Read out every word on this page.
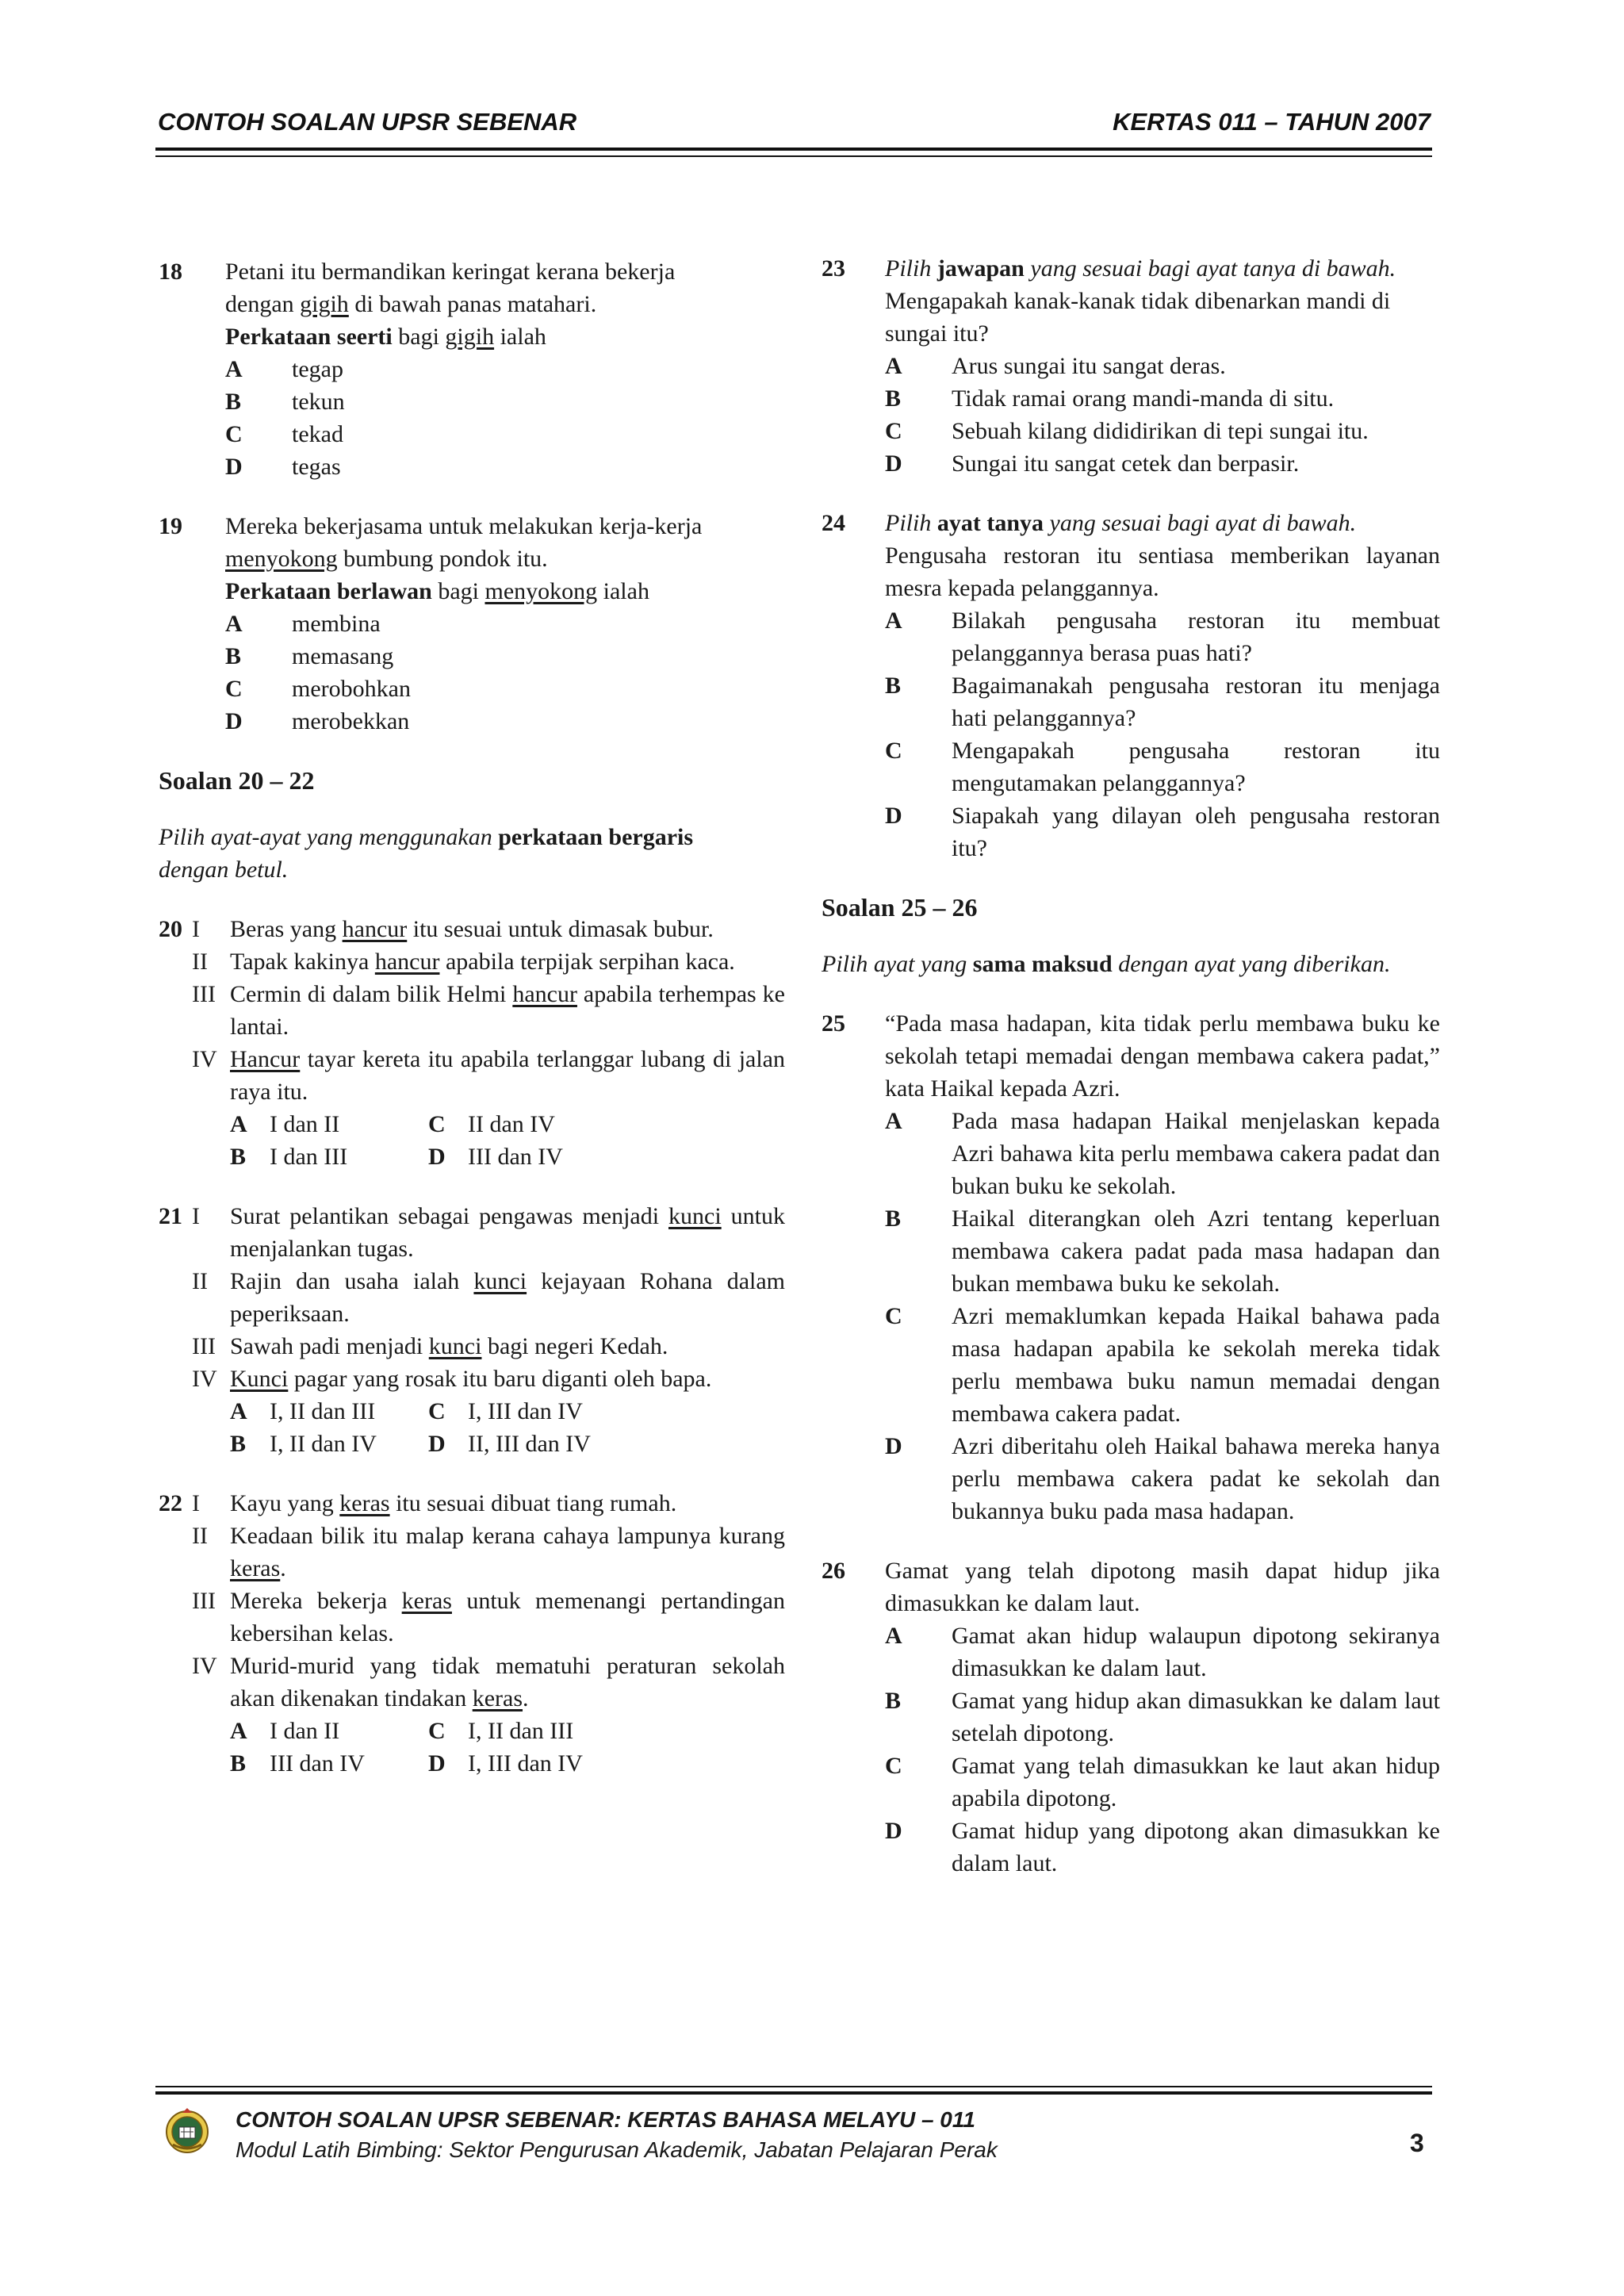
CONTOH SOALAN UPSR SEBENAR	KERTAS 011 – TAHUN 2007
18 Petani itu bermandikan keringat kerana bekerja
dengan gigih di bawah panas matahari.
Perkataan seerti bagi gigih ialah
A tegap
B tekun
C tekad
D tegas
19 Mereka bekerjasama untuk melakukan kerja-kerja
menyokong bumbung pondok itu.
Perkataan berlawan bagi menyokong ialah
A membina
B memasang
C merobohkan
D merobekkan
Soalan 20 – 22
Pilih ayat-ayat yang menggunakan perkataan bergaris
dengan betul.
20 I Beras yang hancur itu sesuai untuk dimasak bubur.
II Tapak kakinya hancur apabila terpijak serpihan kaca.
III Cermin di dalam bilik Helmi hancur apabila terhempas ke lantai.
IV Hancur tayar kereta itu apabila terlanggar lubang di jalan raya itu.
A I dan II	C II dan IV
B I dan III	D III dan IV
21 I Surat pelantikan sebagai pengawas menjadi kunci untuk menjalankan tugas.
II Rajin dan usaha ialah kunci kejayaan Rohana dalam peperiksaan.
III Sawah padi menjadi kunci bagi negeri Kedah.
IV Kunci pagar yang rosak itu baru diganti oleh bapa.
A I, II dan III	C I, III dan IV
B I, II dan IV	D II, III dan IV
22 I Kayu yang keras itu sesuai dibuat tiang rumah.
II Keadaan bilik itu malap kerana cahaya lampunya kurang keras.
III Mereka bekerja keras untuk memenangi pertandingan kebersihan kelas.
IV Murid-murid yang tidak mematuhi peraturan sekolah akan dikenakan tindakan keras.
A I dan II	C I, II dan III
B III dan IV	D I, III dan IV
23 Pilih jawapan yang sesuai bagi ayat tanya di bawah.
Mengapakah kanak-kanak tidak dibenarkan mandi di sungai itu?
A Arus sungai itu sangat deras.
B Tidak ramai orang mandi-manda di situ.
C Sebuah kilang dididirikan di tepi sungai itu.
D Sungai itu sangat cetek dan berpasir.
24 Pilih ayat tanya yang sesuai bagi ayat di bawah.
Pengusaha restoran itu sentiasa memberikan layanan mesra kepada pelanggannya.
A Bilakah pengusaha restoran itu membuat pelanggannya berasa puas hati?
B Bagaimanakah pengusaha restoran itu menjaga hati pelanggannya?
C Mengapakah pengusaha restoran itu mengutamakan pelanggannya?
D Siapakah yang dilayan oleh pengusaha restoran itu?
Soalan 25 – 26
Pilih ayat yang sama maksud dengan ayat yang diberikan.
25 “Pada masa hadapan, kita tidak perlu membawa buku ke sekolah tetapi memadai dengan membawa cakera padat,” kata Haikal kepada Azri.
A Pada masa hadapan Haikal menjelaskan kepada Azri bahawa kita perlu membawa cakera padat dan bukan buku ke sekolah.
B Haikal diterangkan oleh Azri tentang keperluan membawa cakera padat pada masa hadapan dan bukan membawa buku ke sekolah.
C Azri memaklumkan kepada Haikal bahawa pada masa hadapan apabila ke sekolah mereka tidak perlu membawa buku namun memadai dengan membawa cakera padat.
D Azri diberitahu oleh Haikal bahawa mereka hanya perlu membawa cakera padat ke sekolah dan bukannya buku pada masa hadapan.
26 Gamat yang telah dipotong masih dapat hidup jika dimasukkan ke dalam laut.
A Gamat akan hidup walaupun dipotong sekiranya dimasukkan ke dalam laut.
B Gamat yang hidup akan dimasukkan ke dalam laut setelah dipotong.
C Gamat yang telah dimasukkan ke laut akan hidup apabila dipotong.
D Gamat hidup yang dipotong akan dimasukkan ke dalam laut.
CONTOH SOALAN UPSR SEBENAR: KERTAS BAHASA MELAYU – 011
Modul Latih Bimbing: Sektor Pengurusan Akademik, Jabatan Pelajaran Perak	3
